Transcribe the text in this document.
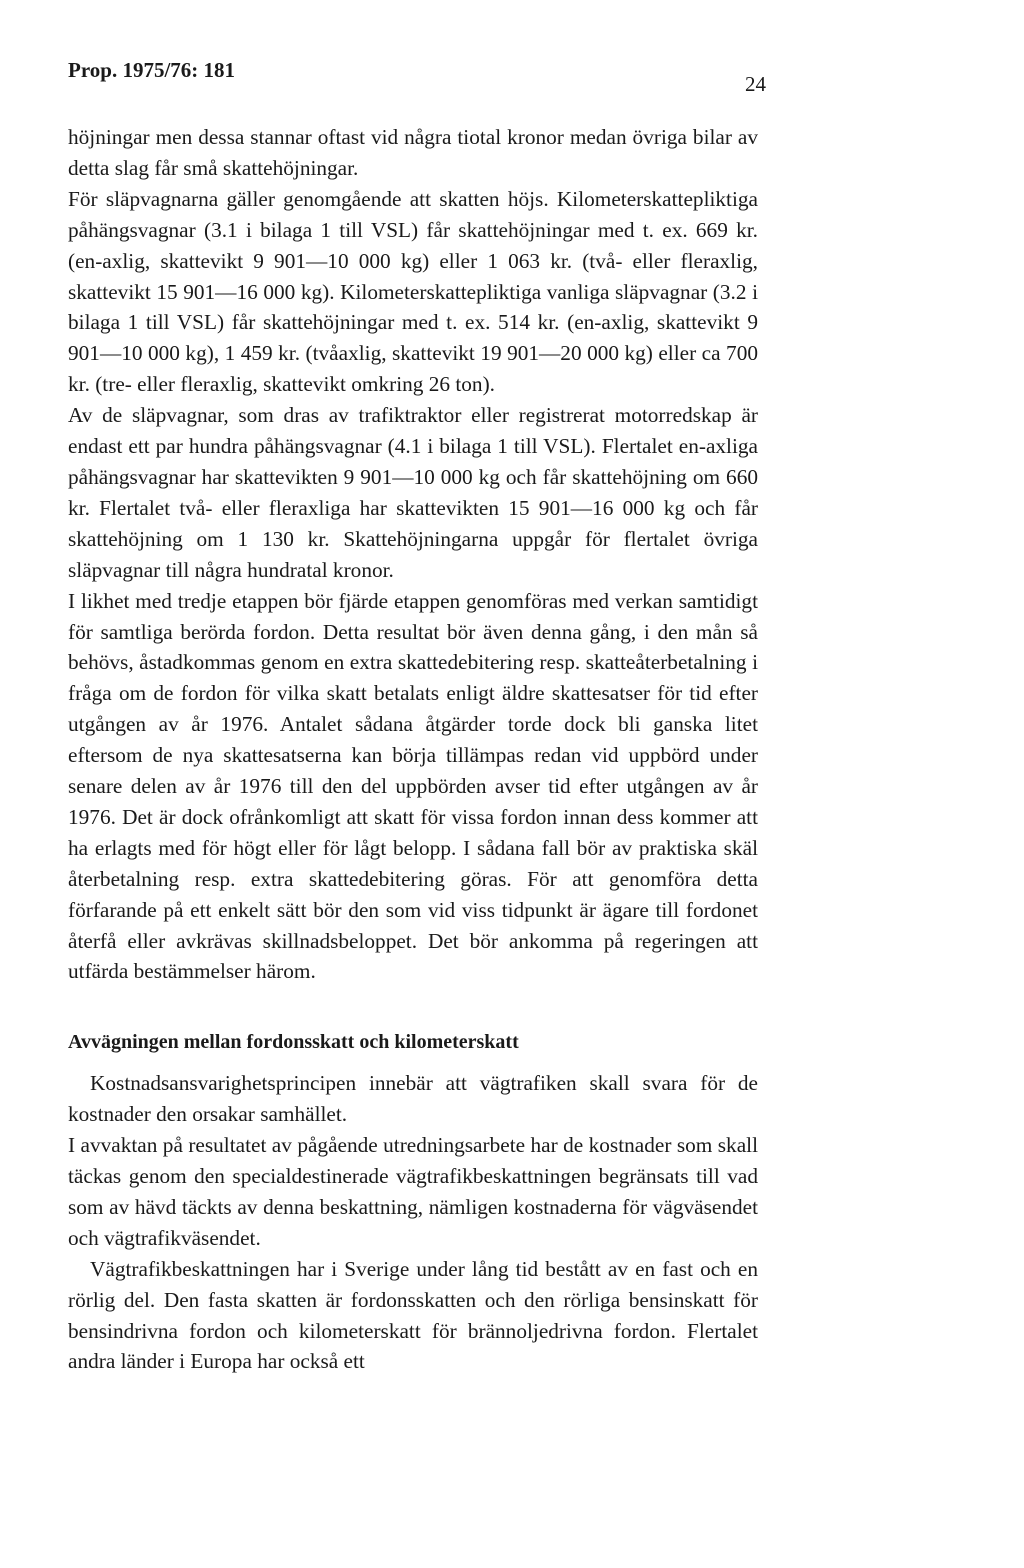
Prop. 1975/76: 181
24

höjningar men dessa stannar oftast vid några tiotal kronor medan övriga bilar av detta slag får små skattehöjningar.

För släpvagnarna gäller genomgående att skatten höjs. Kilometerskattepliktiga påhängsvagnar (3.1 i bilaga 1 till VSL) får skattehöjningar med t. ex. 669 kr. (en-axlig, skattevikt 9 901—10 000 kg) eller 1 063 kr. (två- eller fleraxlig, skattevikt 15 901—16 000 kg). Kilometerskattepliktiga vanliga släpvagnar (3.2 i bilaga 1 till VSL) får skattehöjningar med t. ex. 514 kr. (en-axlig, skattevikt 9 901—10 000 kg), 1 459 kr. (tvåaxlig, skattevikt 19 901—20 000 kg) eller ca 700 kr. (tre- eller fleraxlig, skattevikt omkring 26 ton).

Av de släpvagnar, som dras av trafiktraktor eller registrerat motorredskap är endast ett par hundra påhängsvagnar (4.1 i bilaga 1 till VSL). Flertalet en-axliga påhängsvagnar har skattevikten 9 901—10 000 kg och får skattehöjning om 660 kr. Flertalet två- eller fleraxliga har skattevikten 15 901—16 000 kg och får skattehöjning om 1 130 kr. Skattehöjningarna uppgår för flertalet övriga släpvagnar till några hundratal kronor.

I likhet med tredje etappen bör fjärde etappen genomföras med verkan samtidigt för samtliga berörda fordon. Detta resultat bör även denna gång, i den mån så behövs, åstadkommas genom en extra skattedebitering resp. skatteåterbetalning i fråga om de fordon för vilka skatt betalats enligt äldre skattesatser för tid efter utgången av år 1976. Antalet sådana åtgärder torde dock bli ganska litet eftersom de nya skattesatserna kan börja tillämpas redan vid uppbörd under senare delen av år 1976 till den del uppbörden avser tid efter utgången av år 1976. Det är dock ofrånkomligt att skatt för vissa fordon innan dess kommer att ha erlagts med för högt eller för lågt belopp. I sådana fall bör av praktiska skäl återbetalning resp. extra skattedebitering göras. För att genomföra detta förfarande på ett enkelt sätt bör den som vid viss tidpunkt är ägare till fordonet återfå eller avkrävas skillnadsbeloppet. Det bör ankomma på regeringen att utfärda bestämmelser härom.

Avvägningen mellan fordonsskatt och kilometerskatt

Kostnadsansvarighetsprincipen innebär att vägtrafiken skall svara för de kostnader den orsakar samhället.

I avvaktan på resultatet av pågående utredningsarbete har de kostnader som skall täckas genom den specialdestinerade vägtrafikbeskattningen begränsats till vad som av hävd täckts av denna beskattning, nämligen kostnaderna för vägväsendet och vägtrafikväsendet.

Vägtrafikbeskattningen har i Sverige under lång tid bestått av en fast och en rörlig del. Den fasta skatten är fordonsskatten och den rörliga bensinskatt för bensindrivna fordon och kilometerskatt för brännoljedrivna fordon. Flertalet andra länder i Europa har också ett
